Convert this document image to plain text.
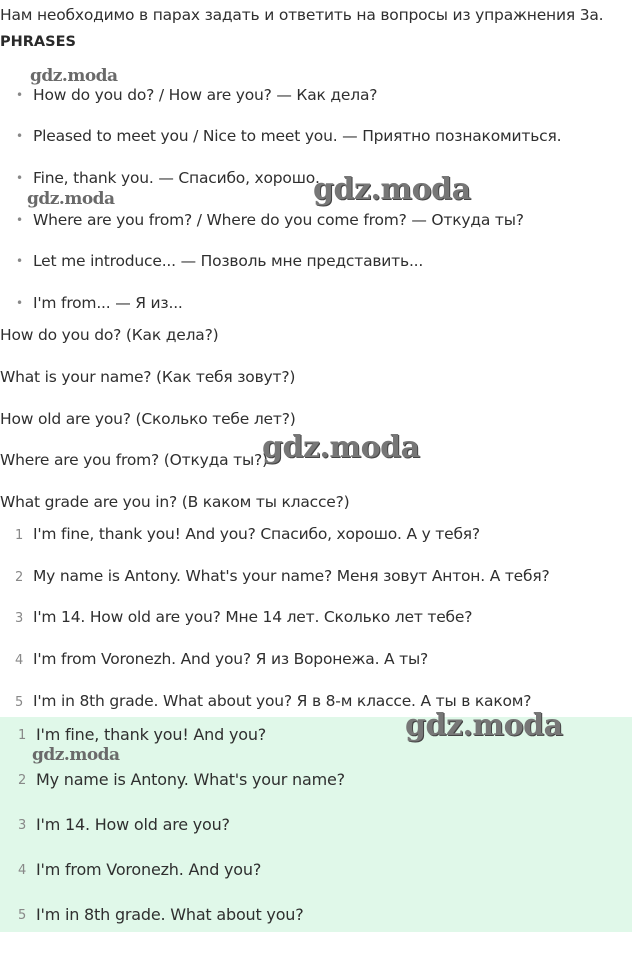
Нам необходимо в парах задать и ответить на вопросы из упражнения 3a.
PHRASES
• How do you do? / How are you? — Как дела?
• Pleased to meet you / Nice to meet you. — Приятно познакомиться.
• Fine, thank you. — Спасибо, хорошо.
• Where are you from? / Where do you come from? — Откуда ты?
• Let me introduce... — Позволь мне представить...
• I'm from... — Я из...
How do you do? (Как дела?)
What is your name? (Как тебя зовут?)
How old are you? (Сколько тебе лет?)
Where are you from? (Откуда ты?)
What grade are you in? (В каком ты классе?)
1 I'm fine, thank you! And you? Спасибо, хорошо. А у тебя?
2 My name is Antony. What's your name? Меня зовут Антон. А тебя?
3 I'm 14. How old are you? Мне 14 лет. Сколько лет тебе?
4 I'm from Voronezh. And you? Я из Воронежа. А ты?
5 I'm in 8th grade. What about you? Я в 8-м классе. А ты в каком?
1 I'm fine, thank you! And you?
2 My name is Antony. What's your name?
3 I'm 14. How old are you?
4 I'm from Voronezh. And you?
5 I'm in 8th grade. What about you?
gdz.moda
gdz.moda	gdz.moda
gdz.moda
gdz.moda
gdz.moda
